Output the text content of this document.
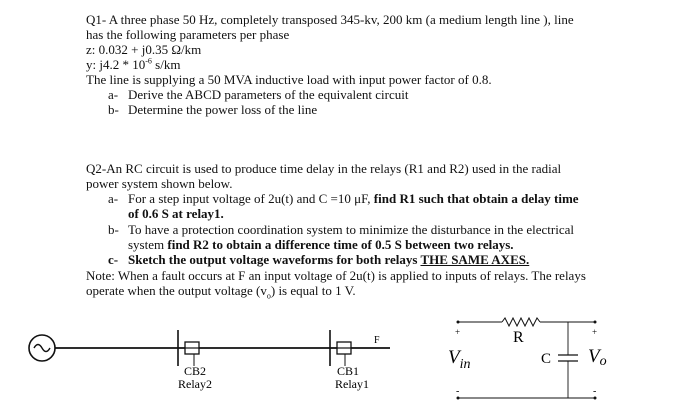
Q1- A three phase 50 Hz, completely transposed 345-kv, 200 km (a medium length line ), line
has the following parameters per phase
z: 0.032 + j0.35 Ω/km
y: $j4.2 * 10^{-6}$ s/km
The line is supplying a 50 MVA inductive load with input power factor of 0.8.
a- Derive the ABCD parameters of the equivalent circuit
b- Determine the power loss of the line
Q2-An RC circuit is used to produce time delay in the relays (R1 and R2) used in the radial
power system shown below.
a- For a step input voltage of 2u(t) and C =10 μF, find R1 such that obtain a delay time
of 0.6 S at relay1.
b- To have a protection coordination system to minimize the disturbance in the electrical
system find R2 to obtain a difference time of 0.5 S between two relays.
c- Sketch the output voltage waveforms for both relays THE SAME AXES.
Note: When a fault occurs at F an input voltage of 2u(t) is applied to inputs of relays. The relays
operate when the output voltage $(v_o)$ is equal to 1 V.
CB2
Relay2
CB1
Relay1
F
+
-
+
-
R
C
$V_{in}$	Vo
